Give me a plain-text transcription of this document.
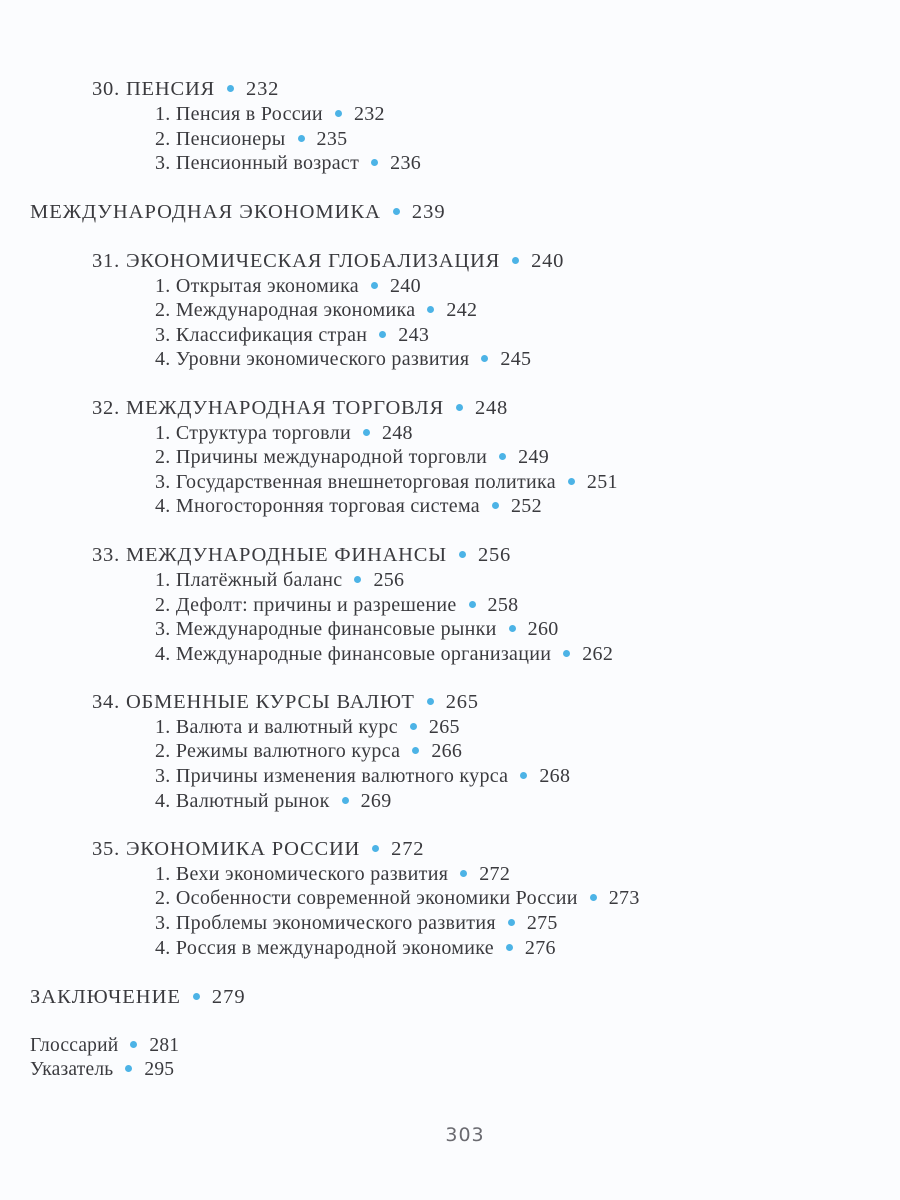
30. ПЕНСИЯ 232
1. Пенсия в России 232
2. Пенсионеры 235
3. Пенсионный возраст 236
МЕЖДУНАРОДНАЯ ЭКОНОМИКА 239
31. ЭКОНОМИЧЕСКАЯ ГЛОБАЛИЗАЦИЯ 240
1. Открытая экономика 240
2. Международная экономика 242
3. Классификация стран 243
4. Уровни экономического развития 245
32. МЕЖДУНАРОДНАЯ ТОРГОВЛЯ 248
1. Структура торговли 248
2. Причины международной торговли 249
3. Государственная внешнеторговая политика 251
4. Многосторонняя торговая система 252
33. МЕЖДУНАРОДНЫЕ ФИНАНСЫ 256
1. Платёжный баланс 256
2. Дефолт: причины и разрешение 258
3. Международные финансовые рынки 260
4. Международные финансовые организации 262
34. ОБМЕННЫЕ КУРСЫ ВАЛЮТ 265
1. Валюта и валютный курс 265
2. Режимы валютного курса 266
3. Причины изменения валютного курса 268
4. Валютный рынок 269
35. ЭКОНОМИКА РОССИИ 272
1. Вехи экономического развития 272
2. Особенности современной экономики России 273
3. Проблемы экономического развития 275
4. Россия в международной экономике 276
ЗАКЛЮЧЕНИЕ 279
Глоссарий 281
Указатель 295
303
